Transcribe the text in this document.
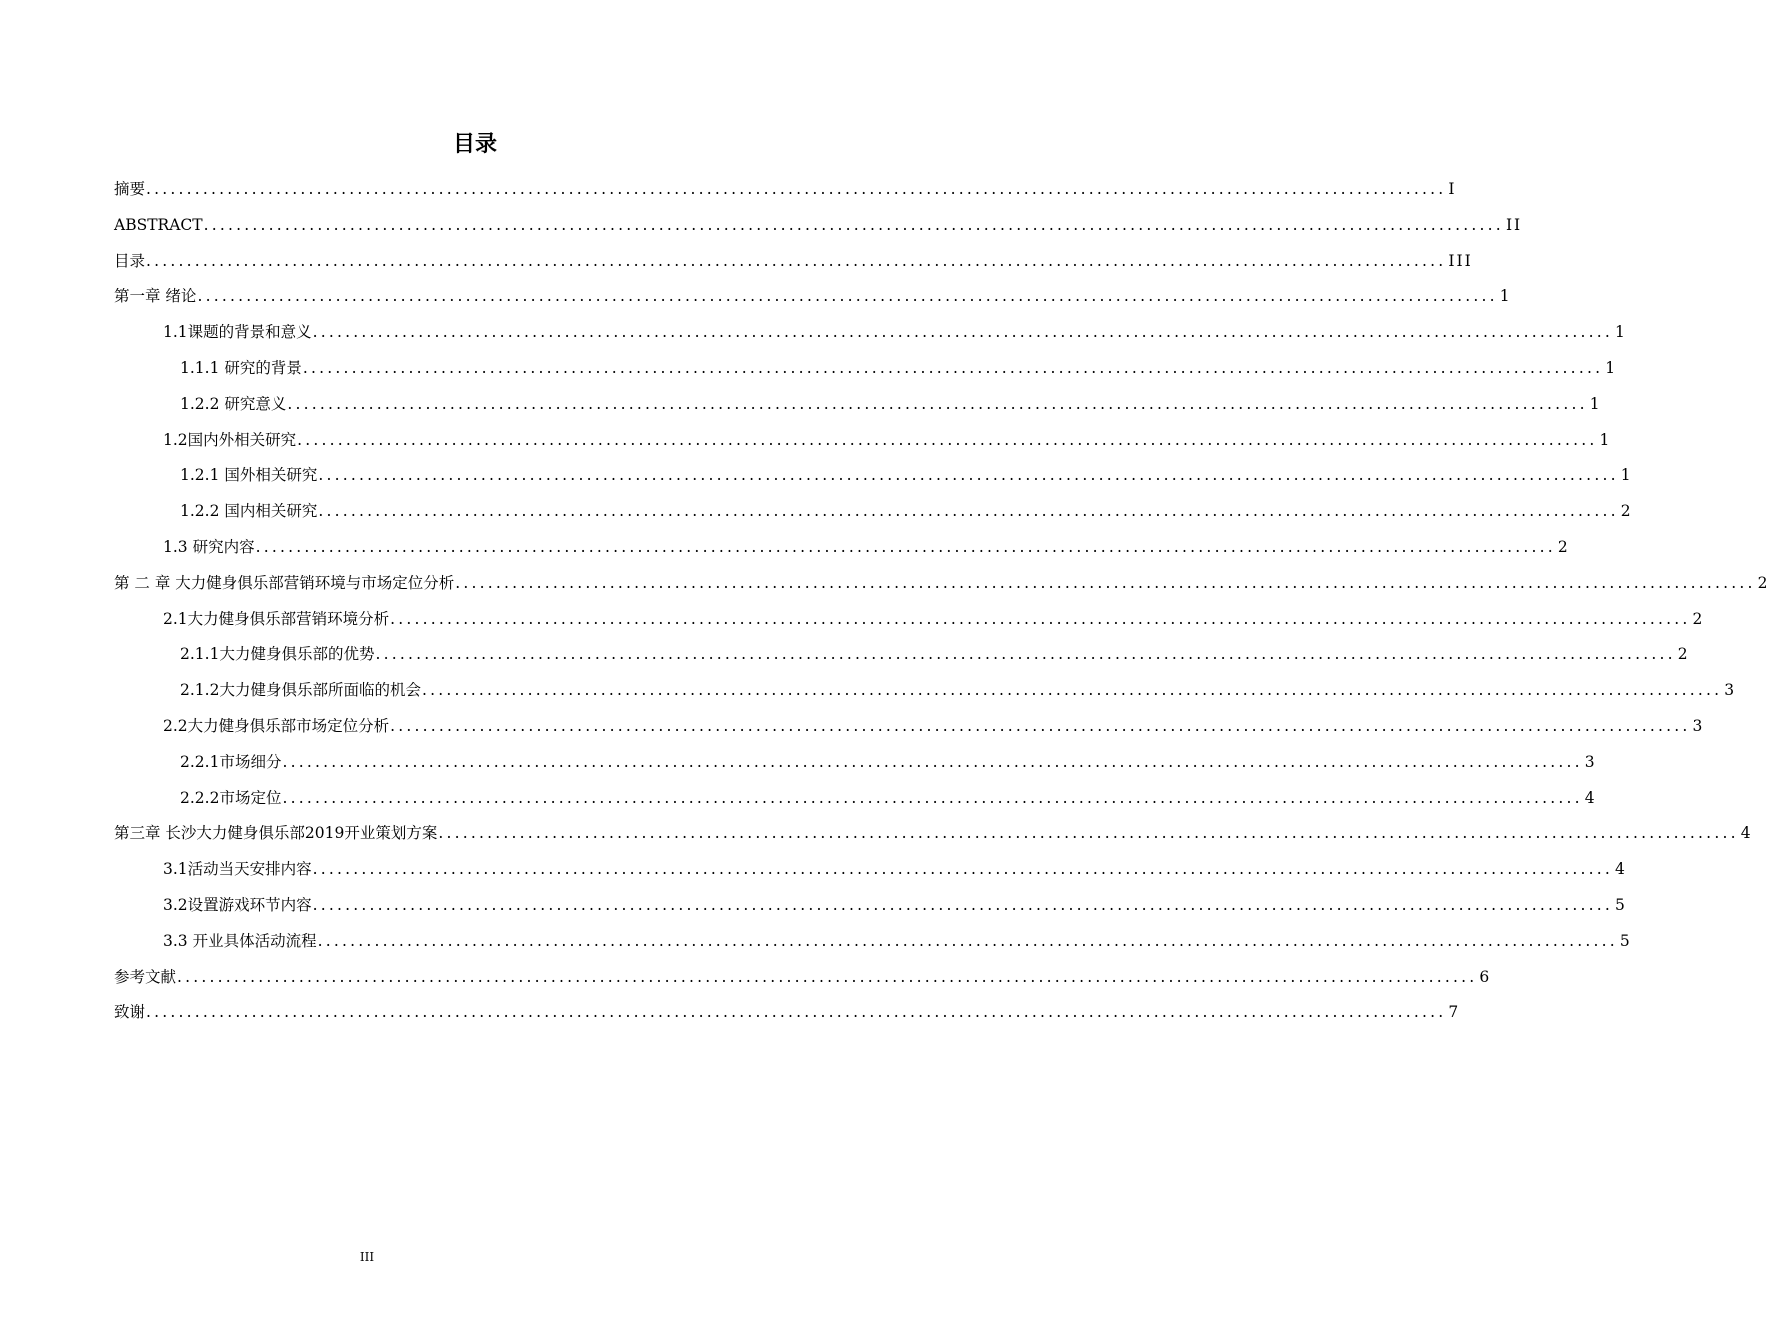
目录
摘要 ................................................................................................................................................................ I
ABSTRACT ................................................................................................................................................................ II
目录 ................................................................................................................................................................ III
第一章 绪论 ................................................................................................................................................................ 1
1.1课题的背景和意义 ................................................................................................................................................................ 1
1.1.1 研究的背景 ................................................................................................................................................................ 1
1.2.2 研究意义 ................................................................................................................................................................ 1
1.2国内外相关研究 ................................................................................................................................................................ 1
1.2.1 国外相关研究 ................................................................................................................................................................ 1
1.2.2 国内相关研究 ................................................................................................................................................................ 2
1.3 研究内容 ................................................................................................................................................................ 2
第 二 章 大力健身俱乐部营销环境与市场定位分析 ................................................................................................................................................................ 2
2.1大力健身俱乐部营销环境分析 ................................................................................................................................................................ 2
2.1.1大力健身俱乐部的优势 ................................................................................................................................................................ 2
2.1.2大力健身俱乐部所面临的机会 ................................................................................................................................................................ 3
2.2大力健身俱乐部市场定位分析 ................................................................................................................................................................ 3
2.2.1市场细分 ................................................................................................................................................................ 3
2.2.2市场定位 ................................................................................................................................................................ 4
第三章 长沙大力健身俱乐部2019开业策划方案 ................................................................................................................................................................ 4
3.1活动当天安排内容 ................................................................................................................................................................ 4
3.2设置游戏环节内容 ................................................................................................................................................................ 5
3.3 开业具体活动流程 ................................................................................................................................................................ 5
参考文献 ................................................................................................................................................................ 6
致谢 ................................................................................................................................................................ 7
III
